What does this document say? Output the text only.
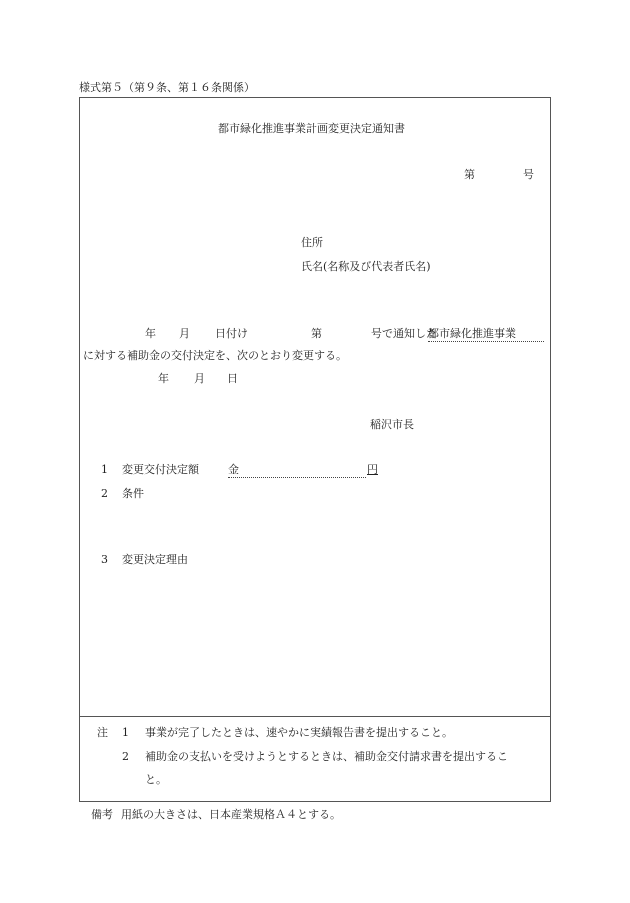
様式第５（第９条、第１６条関係）
都市緑化推進事業計画変更決定通知書
第	号
住所
氏名(名称及び代表者氏名)
年 月 日付け	第	号で通知した
都市緑化推進事業
に対する補助金の交付決定を、次のとおり変更する。
年 月 日
稲沢市長
1 変更交付決定額	金	円
2 条件
3 変更決定理由
注 1 事業が完了したときは、速やかに実績報告書を提出すること。
2 補助金の支払いを受けようとするときは、補助金交付請求書を提出するこ
と。
備考 用紙の大きさは、日本産業規格Ａ４とする。
